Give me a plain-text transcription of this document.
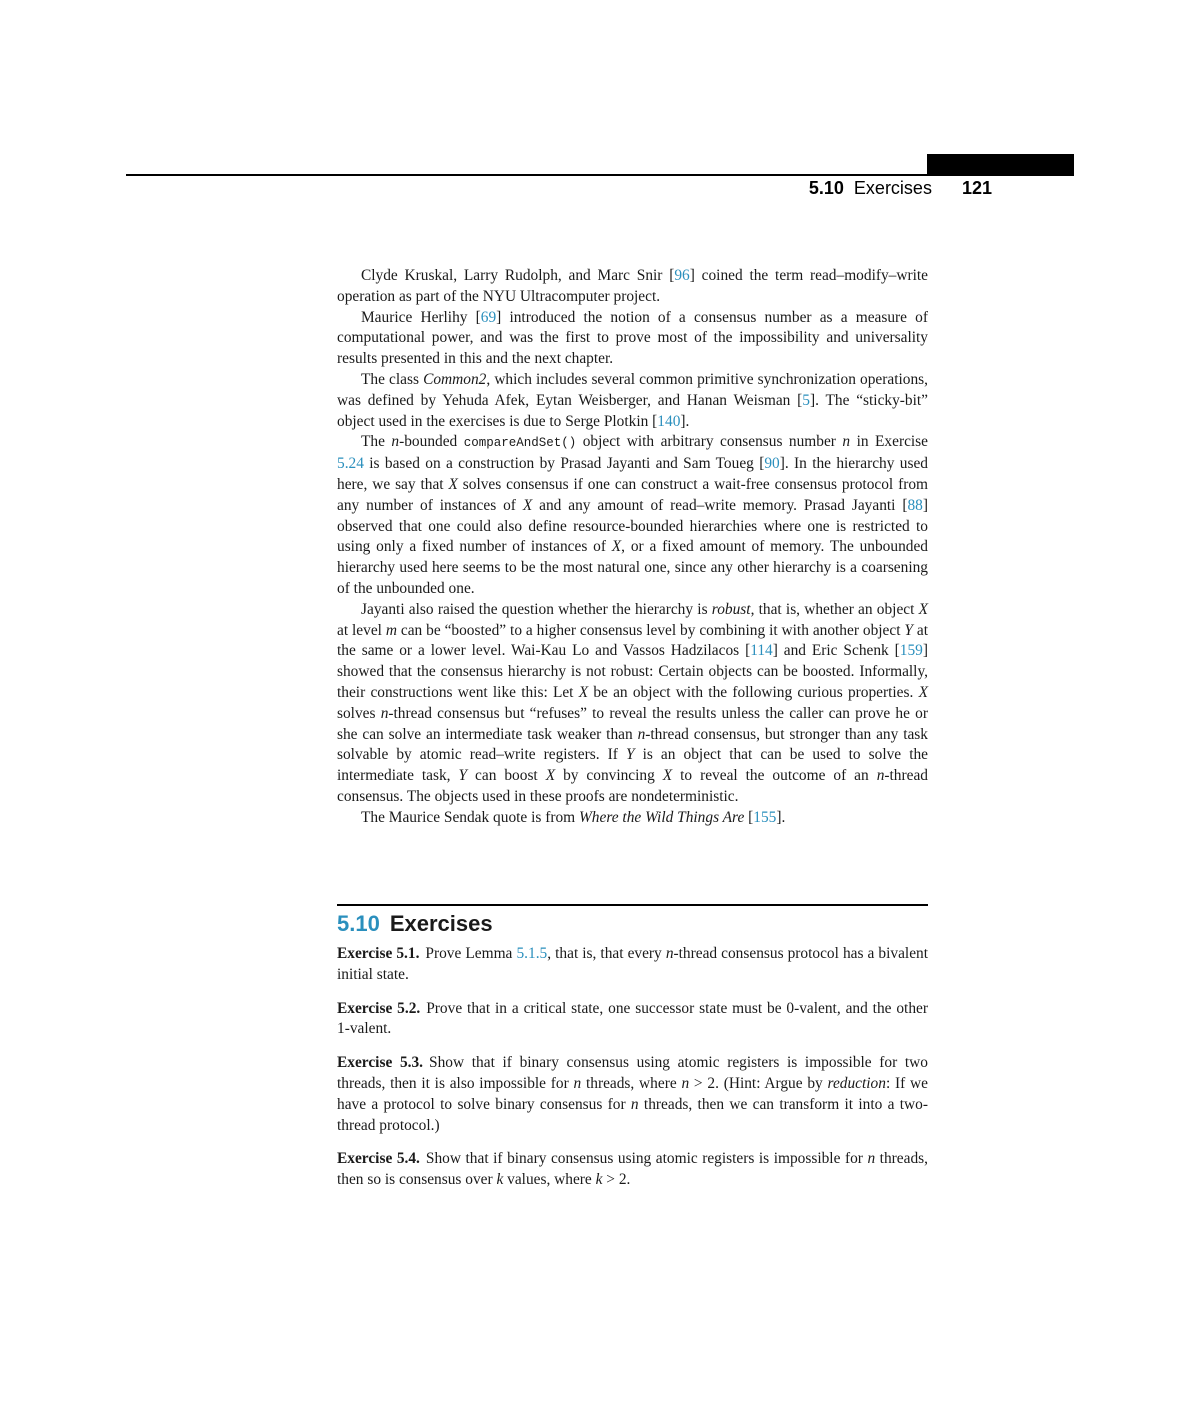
5.10 Exercises 121

Clyde Kruskal, Larry Rudolph, and Marc Snir [96] coined the term read–modify–write operation as part of the NYU Ultracomputer project.

Maurice Herlihy [69] introduced the notion of a consensus number as a measure of computational power, and was the first to prove most of the impossibility and universality results presented in this and the next chapter.

The class Common2, which includes several common primitive synchronization operations, was defined by Yehuda Afek, Eytan Weisberger, and Hanan Weisman [5]. The “sticky-bit” object used in the exercises is due to Serge Plotkin [140].

The n-bounded compareAndSet() object with arbitrary consensus number n in Exercise 5.24 is based on a construction by Prasad Jayanti and Sam Toueg [90]. In the hierarchy used here, we say that X solves consensus if one can construct a wait-free consensus protocol from any number of instances of X and any amount of read–write memory. Prasad Jayanti [88] observed that one could also define resource-bounded hierarchies where one is restricted to using only a fixed number of instances of X, or a fixed amount of memory. The unbounded hierarchy used here seems to be the most natural one, since any other hierarchy is a coarsening of the unbounded one.

Jayanti also raised the question whether the hierarchy is robust, that is, whether an object X at level m can be “boosted” to a higher consensus level by combining it with another object Y at the same or a lower level. Wai-Kau Lo and Vassos Hadzilacos [114] and Eric Schenk [159] showed that the consensus hierarchy is not robust: Certain objects can be boosted. Informally, their constructions went like this: Let X be an object with the following curious properties. X solves n-thread consensus but “refuses” to reveal the results unless the caller can prove he or she can solve an intermediate task weaker than n-thread consensus, but stronger than any task solvable by atomic read–write registers. If Y is an object that can be used to solve the intermediate task, Y can boost X by convincing X to reveal the outcome of an n-thread consensus. The objects used in these proofs are nondeterministic.

The Maurice Sendak quote is from Where the Wild Things Are [155].

5.10 Exercises

Exercise 5.1. Prove Lemma 5.1.5, that is, that every n-thread consensus protocol has a bivalent initial state.

Exercise 5.2. Prove that in a critical state, one successor state must be 0-valent, and the other 1-valent.

Exercise 5.3. Show that if binary consensus using atomic registers is impossible for two threads, then it is also impossible for n threads, where n > 2. (Hint: Argue by reduction: If we have a protocol to solve binary consensus for n threads, then we can transform it into a two-thread protocol.)

Exercise 5.4. Show that if binary consensus using atomic registers is impossible for n threads, then so is consensus over k values, where k > 2.
